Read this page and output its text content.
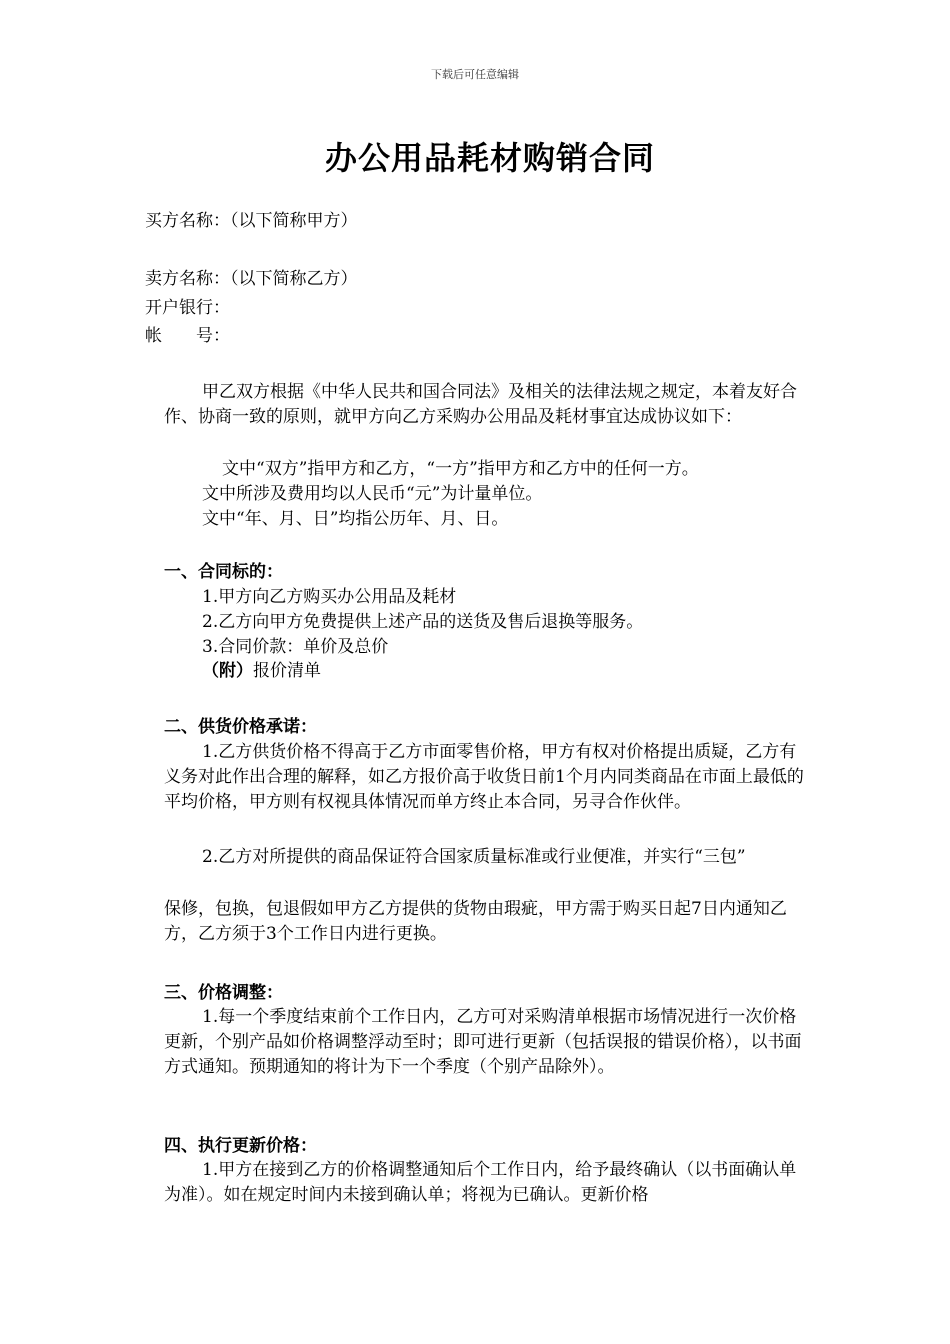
下载后可任意编辑
办公用品耗材购销合同
买方名称：（以下简称甲方）
卖方名称：（以下简称乙方）
开户银行：
帐　　号：
甲乙双方根据《中华人民共和国合同法》及相关的法律法规之规定，本着友好合作、协商一致的原则，就甲方向乙方采购办公用品及耗材事宜达成协议如下：
文中“双方”指甲方和乙方，“一方”指甲方和乙方中的任何一方。
文中所涉及费用均以人民币“元”为计量单位。
文中“年、月、日”均指公历年、月、日。
一、合同标的：
1.甲方向乙方购买办公用品及耗材
2.乙方向甲方免费提供上述产品的送货及售后退换等服务。
3.合同价款：单价及总价
（附）报价清单
二、供货价格承诺：
1.乙方供货价格不得高于乙方市面零售价格，甲方有权对价格提出质疑，乙方有义务对此作出合理的解释，如乙方报价高于收货日前1个月内同类商品在市面上最低的平均价格，甲方则有权视具体情况而单方终止本合同，另寻合作伙伴。
2.乙方对所提供的商品保证符合国家质量标准或行业便准，并实行“三包”
保修，包换，包退假如甲方乙方提供的货物由瑕疵，甲方需于购买日起7日内通知乙方，乙方须于3个工作日内进行更换。
三、价格调整：
1.每一个季度结束前个工作日内，乙方可对采购清单根据市场情况进行一次价格更新，个别产品如价格调整浮动至时；即可进行更新（包括误报的错误价格），以书面方式通知。预期通知的将计为下一个季度（个别产品除外）。
四、执行更新价格：
1.甲方在接到乙方的价格调整通知后个工作日内，给予最终确认（以书面确认单为准）。如在规定时间内未接到确认单；将视为已确认。更新价格
